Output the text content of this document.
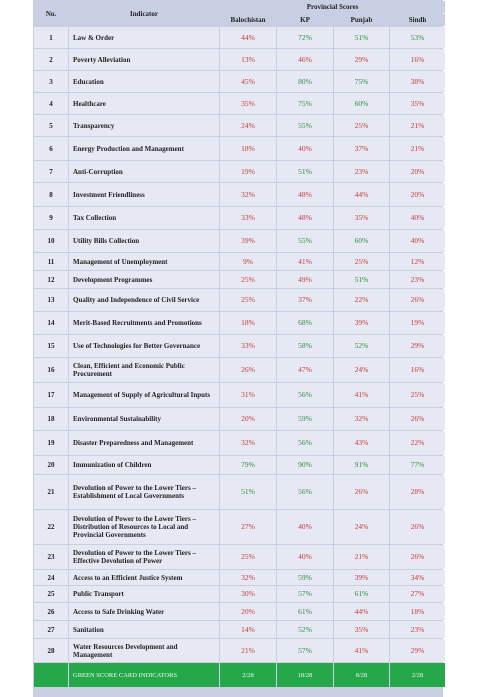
No.	Indicator	Provincial Scores			
		Balochistan	KP	Punjab	Sindh
1	Law & Order	44%	72%	51%	53%
2	Poverty Alleviation	13%	46%	29%	16%
3	Education	45%	80%	75%	38%
4	Healthcare	35%	75%	60%	35%
5	Transparency	24%	55%	25%	21%
6	Energy Production and Management	18%	40%	37%	21%
7	Anti-Corruption	19%	51%	23%	20%
8	Investment Friendliness	32%	48%	44%	20%
9	Tax Collection	33%	48%	35%	40%
10	Utility Bills Collection	39%	55%	60%	40%
11	Management of Unemployment	9%	41%	25%	12%
12	Development Programmes	25%	49%	51%	23%
13	Quality and Independence of Civil Service	25%	37%	22%	26%
14	Merit-Based Recruitments and Promotions	18%	68%	39%	19%
15	Use of Technologies for Better Governance	33%	58%	52%	29%
16	Clean, Efficient and Economic Public Procurement	26%	47%	24%	16%
17	Management of Supply of Agricultural Inputs	31%	56%	41%	25%
18	Environmental Sustainability	20%	59%	32%	26%
19	Disaster Preparedness and Management	32%	56%	43%	22%
20	Immunization of Children	79%	90%	91%	77%
21	Devolution of Power to the Lower Tiers – Establishment of Local Governments	51%	56%	26%	28%
22	Devolution of Power to the Lower Tiers –Distribution of Resources to Local and Provincial Governments	27%	40%	24%	26%
23	Devolution of Power to the Lower Tiers –Effective Devolution of Power	25%	40%	21%	26%
24	Access to an Efficient Justice System	32%	59%	39%	34%
25	Public Transport	30%	57%	61%	27%
26	Access to Safe Drinking Water	20%	61%	44%	18%
27	Sanitation	14%	52%	35%	23%
28	Water Resources Development and Management	21%	57%	41%	29%
	GREEN SCORE CARD INDICATORS	2/28	18/28	8/28	2/28
